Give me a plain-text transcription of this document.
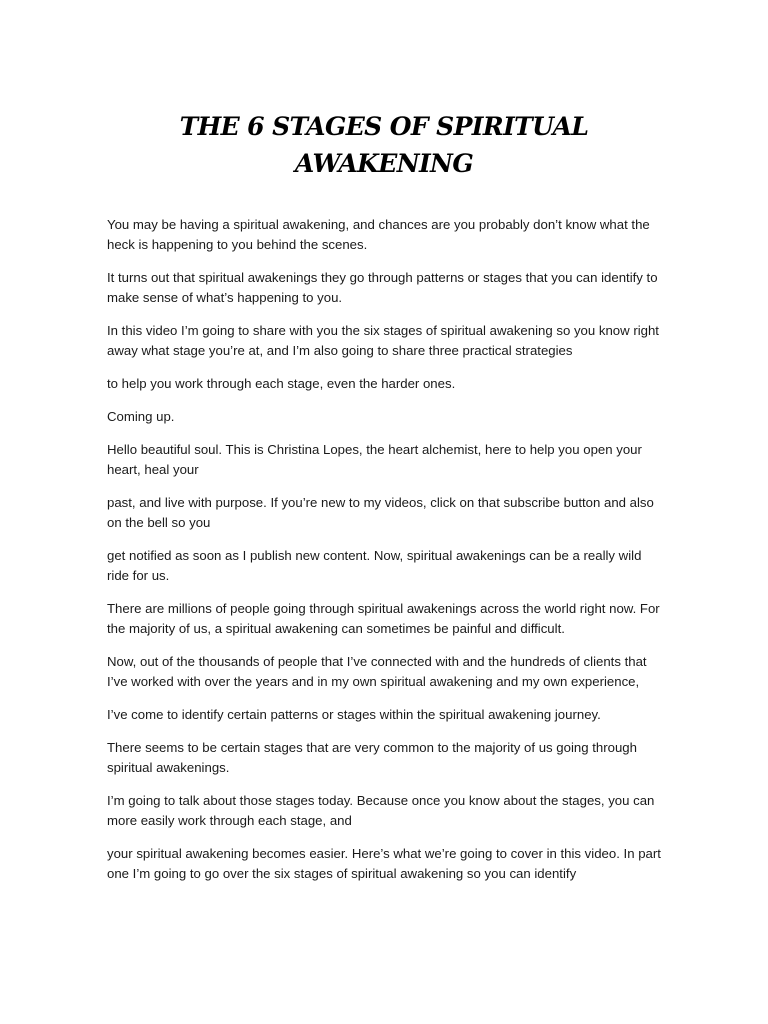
THE 6 STAGES OF SPIRITUAL
AWAKENING

You may be having a spiritual awakening, and chances are you probably don’t know what the heck is happening to you behind the scenes.

It turns out that spiritual awakenings they go through patterns or stages that you can identify to make sense of what’s happening to you.

In this video I’m going to share with you the six stages of spiritual awakening so you know right away what stage you’re at, and I’m also going to share three practical strategies

to help you work through each stage, even the harder ones.

Coming up.

Hello beautiful soul. This is Christina Lopes, the heart alchemist, here to help you open your heart, heal your

past, and live with purpose. If you’re new to my videos, click on that subscribe button and also on the bell so you

get notified as soon as I publish new content. Now, spiritual awakenings can be a really wild ride for us.

There are millions of people going through spiritual awakenings across the world right now. For the majority of us, a spiritual awakening can sometimes be painful and difficult.

Now, out of the thousands of people that I’ve connected with and the hundreds of clients that I’ve worked with over the years and in my own spiritual awakening and my own experience,

I’ve come to identify certain patterns or stages within the spiritual awakening journey.

There seems to be certain stages that are very common to the majority of us going through spiritual awakenings.

I’m going to talk about those stages today. Because once you know about the stages, you can more easily work through each stage, and

your spiritual awakening becomes easier. Here’s what we’re going to cover in this video. In part one I’m going to go over the six stages of spiritual awakening so you can identify
